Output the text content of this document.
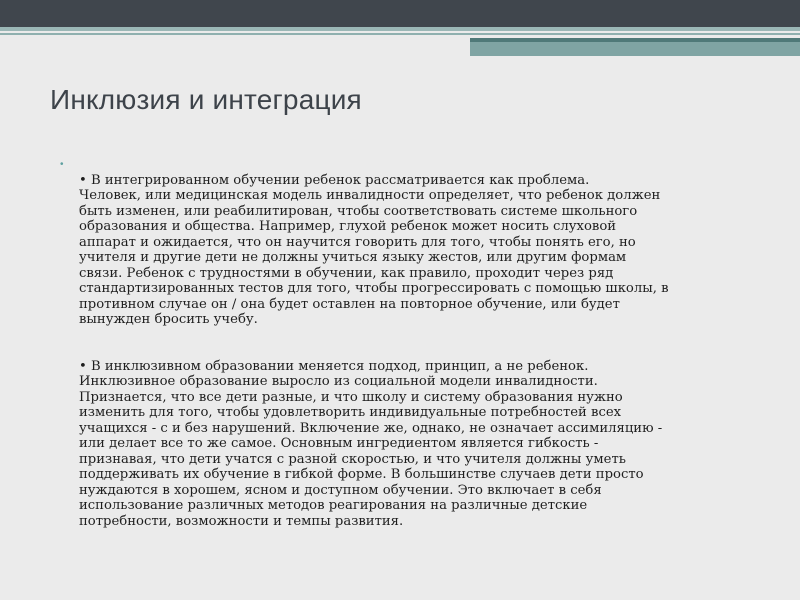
Инклюзия и интеграция
•

• В интегрированном обучении ребенок рассматривается как проблема.
Человек, или медицинская модель инвалидности определяет, что ребенок должен
быть изменен, или реабилитирован, чтобы соответствовать системе школьного
образования и общества. Например, глухой ребенок может носить слуховой
аппарат и ожидается, что он научится говорить для того, чтобы понять его, но
учителя и другие дети не должны учиться языку жестов, или другим формам
связи. Ребенок с трудностями в обучении, как правило, проходит через ряд
стандартизированных тестов для того, чтобы прогрессировать с помощью школы, в
противном случае он / она будет оставлен на повторное обучение, или будет
вынужден бросить учебу.

• В инклюзивном образовании меняется подход, принцип, а не ребенок.
Инклюзивное образование выросло из социальной модели инвалидности.
Признается, что все дети разные, и что школу и систему образования нужно
изменить для того, чтобы удовлетворить индивидуальные потребностей всех
учащихся - с и без нарушений. Включение же, однако, не означает ассимиляцию -
или делает все то же самое. Основным ингредиентом является гибкость -
признавая, что дети учатся с разной скоростью, и что учителя должны уметь
поддерживать их обучение в гибкой форме. В большинстве случаев дети просто
нуждаются в хорошем, ясном и доступном обучении. Это включает в себя
использование различных методов реагирования на различные детские
потребности, возможности и темпы развития.
